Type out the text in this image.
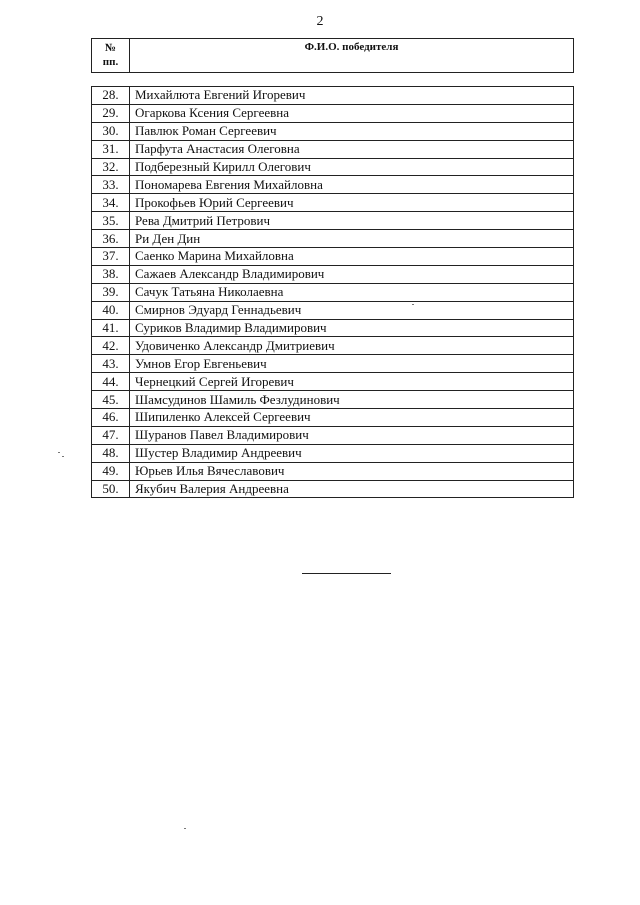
2
№
пп.	Ф.И.О. победителя
28.	Михайлюта Евгений Игоревич
29.	Огаркова Ксения Сергеевна
30.	Павлюк Роман Сергеевич
31.	Парфута Анастасия Олеговна
32.	Подберезный Кирилл Олегович
33.	Пономарева Евгения Михайловна
34.	Прокофьев Юрий Сергеевич
35.	Рева Дмитрий Петрович
36.	Ри Ден Дин
37.	Саенко Марина Михайловна
38.	Сажаев Александр Владимирович
39.	Сачук Татьяна Николаевна
40.	Смирнов Эдуард Геннадьевич
41.	Суриков Владимир Владимирович
42.	Удовиченко Александр Дмитриевич
43.	Умнов Егор Евгеньевич
44.	Чернецкий Сергей Игоревич
45.	Шамсудинов Шамиль Фезлудинович
46.	Шипиленко Алексей Сергеевич
47.	Шуранов Павел Владимирович
48.	Шустер Владимир Андреевич
49.	Юрьев Илья Вячеславович
50.	Якубич Валерия Андреевна
